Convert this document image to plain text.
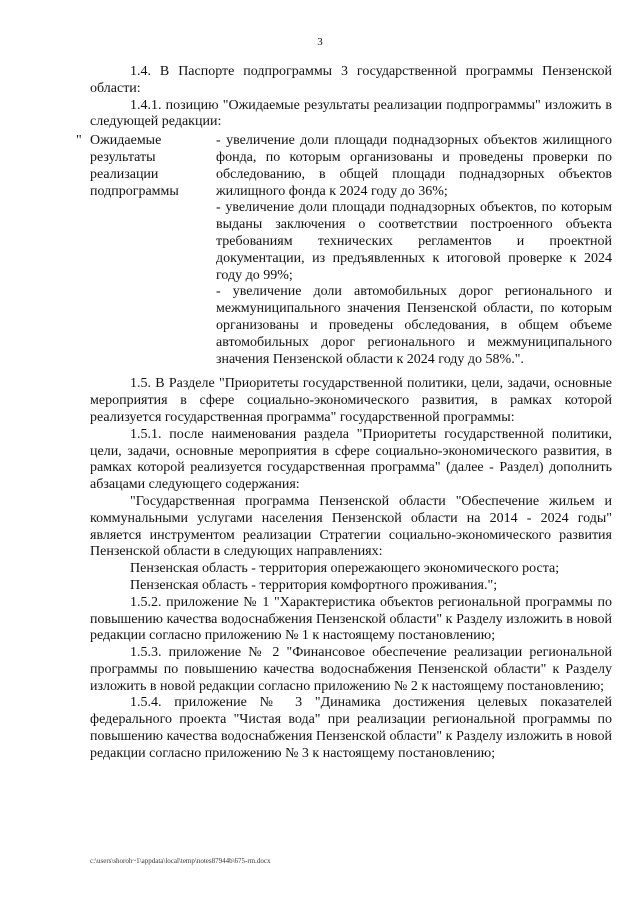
3

1.4. В Паспорте подпрограммы 3 государственной программы Пензенской области:

1.4.1. позицию "Ожидаемые результаты реализации подпрограммы" изложить в следующей редакции:

" Ожидаемые результаты реализации подпрограммы

- увеличение доли площади поднадзорных объектов жилищного фонда, по которым организованы и проведены проверки по обследованию, в общей площади поднадзорных объектов жилищного фонда к 2024 году до 36%;

- увеличение доли площади поднадзорных объектов, по которым выданы заключения о соответствии построенного объекта требованиям технических регламентов и проектной документации, из предъявленных к итоговой проверке к 2024 году до 99%;

- увеличение доли автомобильных дорог регионального и межмуниципального значения Пензенской области, по которым организованы и проведены обследования, в общем объеме автомобильных дорог регионального и межмуниципального значения Пензенской области к 2024 году до 58%.".

1.5. В Разделе "Приоритеты государственной политики, цели, задачи, основные мероприятия в сфере социально-экономического развития, в рамках которой реализуется государственная программа" государственной программы:

1.5.1. после наименования раздела "Приоритеты государственной политики, цели, задачи, основные мероприятия в сфере социально-экономического развития, в рамках которой реализуется государственная программа" (далее - Раздел) дополнить абзацами следующего содержания:

"Государственная программа Пензенской области "Обеспечение жильем и коммунальными услугами населения Пензенской области на 2014 - 2024 годы" является инструментом реализации Стратегии социально-экономического развития Пензенской области в следующих направлениях:

Пензенская область - территория опережающего экономического роста;

Пензенская область - территория комфортного проживания.";

1.5.2. приложение № 1 "Характеристика объектов региональной программы по повышению качества водоснабжения Пензенской области" к Разделу изложить в новой редакции согласно приложению № 1 к настоящему постановлению;

1.5.3. приложение № 2 "Финансовое обеспечение реализации региональной программы по повышению качества водоснабжения Пензенской области" к Разделу изложить в новой редакции согласно приложению № 2 к настоящему постановлению;

1.5.4. приложение № 3 "Динамика достижения целевых показателей федерального проекта "Чистая вода" при реализации региональной программы по повышению качества водоснабжения Пензенской области" к Разделу изложить в новой редакции согласно приложению № 3 к настоящему постановлению;

c:\users\shoroh~1\appdata\local\temp\notes87944b\675-rm.docx
